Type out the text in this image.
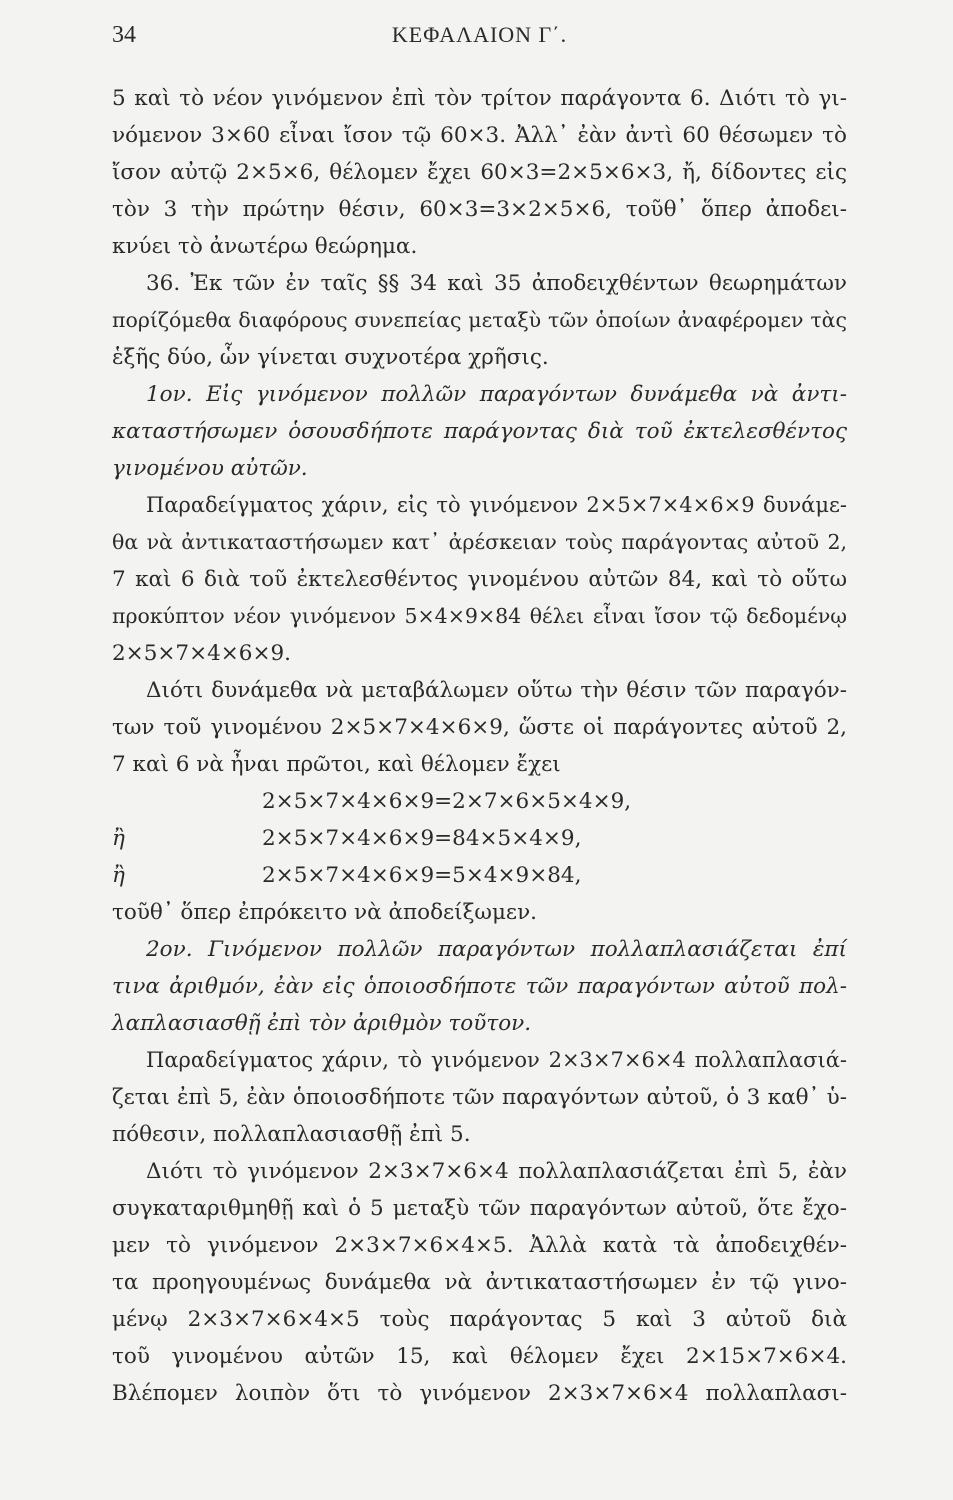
34	ΚΕΦΑΛΑΙΟΝ Γ΄.
5 καὶ τὸ νέον γινόμενον ἐπὶ τὸν τρίτον παράγοντα 6. Διότι τὸ γι-
νόμενον 3×60 εἶναι ἴσον τῷ 60×3. Ἀλλ᾽ ἐὰν ἀντὶ 60 θέσωμεν τὸ
ἴσον αὐτῷ 2×5×6, θέλομεν ἔχει 60×3=2×5×6×3, ἤ, δίδοντες εἰς
τὸν 3 τὴν πρώτην θέσιν, 60×3=3×2×5×6, τοῦθ᾽ ὅπερ ἀποδει-
κνύει τὸ ἀνωτέρω θεώρημα.
36. Ἐκ τῶν ἐν ταῖς §§ 34 καὶ 35 ἀποδειχθέντων θεωρημάτων
πορίζόμεθα διαφόρους συνεπείας μεταξὺ τῶν ὁποίων ἀναφέρομεν τὰς
ἑξῆς δύο, ὧν γίνεται συχνοτέρα χρῆσις.
1ον. Εἰς γινόμενον πολλῶν παραγόντων δυνάμεθα νὰ ἀντι-
καταστήσωμεν ὁσουσδήποτε παράγοντας διὰ τοῦ ἐκτελεσθέντος
γινομένου αὐτῶν.
Παραδείγματος χάριν, εἰς τὸ γινόμενον 2×5×7×4×6×9 δυνάμε-
θα νὰ ἀντικαταστήσωμεν κατ᾽ ἀρέσκειαν τοὺς παράγοντας αὐτοῦ 2,
7 καὶ 6 διὰ τοῦ ἐκτελεσθέντος γινομένου αὐτῶν 84, καὶ τὸ οὕτω
προκύπτον νέον γινόμενον 5×4×9×84 θέλει εἶναι ἴσον τῷ δεδομένῳ
2×5×7×4×6×9.
Διότι δυνάμεθα νὰ μεταβάλωμεν οὕτω τὴν θέσιν τῶν παραγόν-
των τοῦ γινομένου 2×5×7×4×6×9, ὥστε οἱ παράγοντες αὐτοῦ 2,
7 καὶ 6 νὰ ἦναι πρῶτοι, καὶ θέλομεν ἔχει
2×5×7×4×6×9=2×7×6×5×4×9,
ἢ	2×5×7×4×6×9=84×5×4×9,
ἢ	2×5×7×4×6×9=5×4×9×84,
τοῦθ᾽ ὅπερ ἐπρόκειτο νὰ ἀποδείξωμεν.
2ον. Γινόμενον πολλῶν παραγόντων πολλαπλασιάζεται ἐπί
τινα ἀριθμόν, ἐὰν εἰς ὁποιοσδήποτε τῶν παραγόντων αὐτοῦ πολ-
λαπλασιασθῇ ἐπὶ τὸν ἀριθμὸν τοῦτον.
Παραδείγματος χάριν, τὸ γινόμενον 2×3×7×6×4 πολλαπλασιά-
ζεται ἐπὶ 5, ἐὰν ὁποιοσδήποτε τῶν παραγόντων αὐτοῦ, ὁ 3 καθ᾽ ὑ-
πόθεσιν, πολλαπλασιασθῇ ἐπὶ 5.
Διότι τὸ γινόμενον 2×3×7×6×4 πολλαπλασιάζεται ἐπὶ 5, ἐὰν
συγκαταριθμηθῇ καὶ ὁ 5 μεταξὺ τῶν παραγόντων αὐτοῦ, ὅτε ἔχο-
μεν τὸ γινόμενον 2×3×7×6×4×5. Ἀλλὰ κατὰ τὰ ἀποδειχθέν-
τα προηγουμένως δυνάμεθα νὰ ἀντικαταστήσωμεν ἐν τῷ γινο-
μένῳ 2×3×7×6×4×5 τοὺς παράγοντας 5 καὶ 3 αὐτοῦ διὰ
τοῦ γινομένου αὐτῶν 15, καὶ θέλομεν ἔχει 2×15×7×6×4.
Βλέπομεν λοιπὸν ὅτι τὸ γινόμενον 2×3×7×6×4 πολλαπλασι-
